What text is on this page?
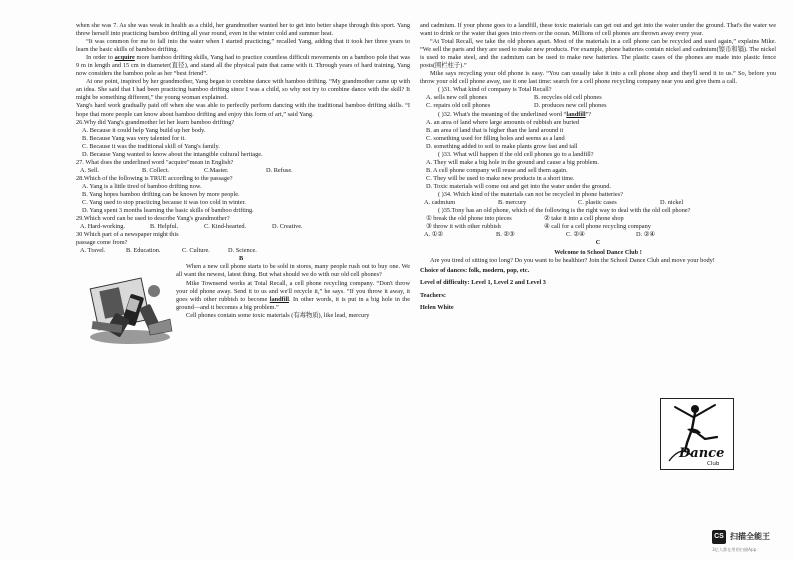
when she was 7. As she was weak in health as a child, her grandmother wanted her to get into better shape through this sport. Yang threw herself into practicing bamboo drifting all year round, even in the winter cold and summer heat.

“It was common for me to fall into the water when I started practicing,” recalled Yang, adding that it took her three years to learn the basic skills of bamboo drifting.

In order to acquire more bamboo drifting skills, Yang had to practice countless difficult movements on a bamboo pole that was 9 m in length and 15 cm in diameter(直径), and stand all the physical pain that came with it. Through years of hard training, Yang now considers the bamboo pole as her “best friend”.

At one point, inspired by her grandmother, Yang began to combine dance with bamboo drifting. “My grandmother came up with an idea. She said that I had been practicing bamboo drifting since I was a child, so why not try to combine dance with the skill? It might be something different,” the young woman explained.

Yang's hard work gradually paid off when she was able to perfectly perform dancing with the traditional bamboo drifting skills. “I hope that more people can know about bamboo drifting and enjoy this form of art,” said Yang.

26.Why did Yang's grandmother let her learn bamboo drifting?

A. Because it could help Yang build up her body.

B. Because Yang was very talented for it.

C. Because it was the traditional skill of Yang's family.

D. Because Yang wanted to know about the intangible cultural heritage.

27. What does the underlined word "acquire"mean in English?

A. Sell.	B. Collect.	C.Master.	D. Refuse.

28.Which of the following is TRUE according to the passage?

A. Yang is a little tired of bamboo drifting now.

B. Yang hopes bamboo drifting can be known by more people.

C. Yang used to stop practicing because it was too cold in winter.

D. Yang spent 3 months learning the basic skills of bamboo drifting.

29.Which word can be used to describe Yang's grandmother?

A. Hard-working.	B. Helpful.	C. Kind-hearted.	D. Creative.

30 Which part of a newspaper might this

passage come from?

A. Travel.	B. Education.	C. Culture.	D. Science.

B

When a new cell phone starts to be sold in stores, many people rush out to buy one. We all want the newest, latest thing. But what should we do with our old cell phones?

Mike Townsend works at Total Recall, a cell phone recycling company. “Don't throw your old phone away. Send it to us and we'll recycle it,” he says. “If you throw it away, it goes with other rubbish to become landfill. In other words, it is put in a big hole in the ground—and it becomes a big problem.”

Cell phones contain some toxic materials (有毒物质), like lead, mercury

and cadmium. If your phone goes to a landfill, these toxic materials can get out and get into the water under the ground. That's the water we want to drink or the water that goes into rivers or the ocean. Millions of cell phones are thrown away every year.

“At Total Recall, we take the old phones apart. Most of the materials in a cell phone can be recycled and used again,” explains Mike. “We sell the parts and they are used to make new products. For example, phone batteries contain nickel and cadmium(镍币和镉). The nickel is used to make steel, and the cadmium can be used to make new batteries. The plastic cases of the phones are made into plastic fence posts(围栏柱子).”

Mike says recycling your old phone is easy. “You can usually take it into a cell phone shop and they'll send it to us.” So, before you throw your old cell phone away, use it one last time: search for a cell phone recycling company near you and give them a call.

( )31. What kind of company is Total Recall?

A. sells new cell phones	B. recycles old cell phones
C. repairs old cell phones	D. produces new cell phones

( )32. What's the meaning of the underlined word “landfill”?

A. an area of land where large amounts of rubbish are buried

B. an area of land that is higher than the land around it

C. something used for filling holes and seems as a land

D. something added to soil to make plants grow fast and tall

( )33. What will happen if the old cell phones go to a landfill?

A. They will make a big hole in the ground and cause a big problem.

B. A cell phone company will reuse and sell them again.

C. They will be used to make new products in a short time.

D. Toxic materials will come out and get into the water under the ground.

( )34. Which kind of the materials can not be recycled in phone batteries?

A. cadmium	B. mercury	C. plastic cases	D. nickel

( )35.Tony has an old phone, which of the following is the right way to deal with the old cell phone?

① break the old phone into pieces	② take it into a cell phone shop
③ throw it with other rubbish	④ call for a cell phone recycling company
A. ①②	B. ②③	C. ②④	D. ②④

C

Welcome to School Dance Club !

Are you tired of sitting too long? Do you want to be healthier? Join the School Dance Club and move your body!

Choice of dances: folk, modern, pop, etc.

Level of difficulty: Level 1, Level 2 and Level 3

Teachers:

Helen White

Dance
Club
CS 扫描全能王
3亿人都在用的扫描App
